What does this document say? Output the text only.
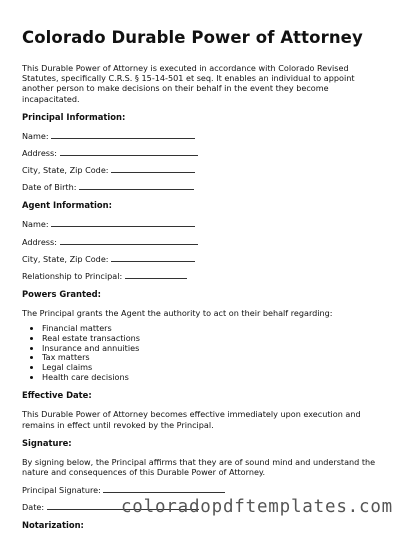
Colorado Durable Power of Attorney

This Durable Power of Attorney is executed in accordance with Colorado Revised Statutes, specifically C.R.S. § 15-14-501 et seq. It enables an individual to appoint another person to make decisions on their behalf in the event they become incapacitated.

Principal Information:
Name:
Address:
City, State, Zip Code:
Date of Birth:
Agent Information:
Name:
Address:
City, State, Zip Code:
Relationship to Principal:
Powers Granted:

The Principal grants the Agent the authority to act on their behalf regarding:

• Financial matters
• Real estate transactions
• Insurance and annuities
• Tax matters
• Legal claims
• Health care decisions
Effective Date:

This Durable Power of Attorney becomes effective immediately upon execution and remains in effect until revoked by the Principal.

Signature:

By signing below, the Principal affirms that they are of sound mind and understand the nature and consequences of this Durable Power of Attorney.

Principal Signature:
Date:
Notarization:
coloradopdftemplates.com
